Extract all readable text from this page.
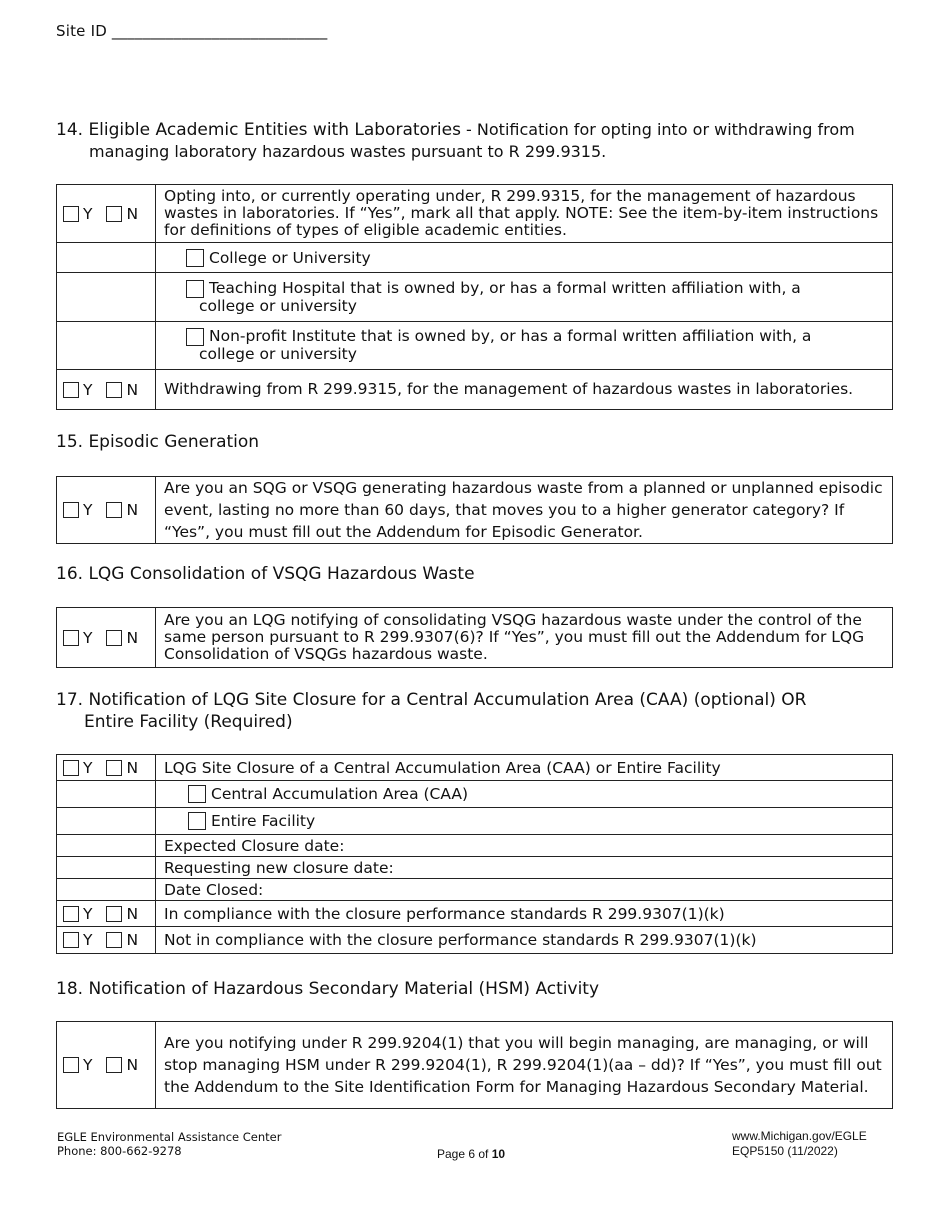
Site ID ____________________________
14. Eligible Academic Entities with Laboratories - Notification for opting into or withdrawing from
managing laboratory hazardous wastes pursuant to R 299.9315.
Y N	Opting into, or currently operating under, R 299.9315, for the management of hazardous wastes in laboratories. If “Yes”, mark all that apply. NOTE: See the item-by-item instructions for definitions of types of eligible academic entities.

	College or University

	Teaching Hospital that is owned by, or has a formal written affiliation with, a
college or university

	Non-profit Institute that is owned by, or has a formal written affiliation with, a
college or university

Y N	Withdrawing from R 299.9315, for the management of hazardous wastes in laboratories.
15. Episodic Generation
Y N
	Are you an SQG or VSQG generating hazardous waste from a planned or unplanned episodic event, lasting no more than 60 days, that moves you to a higher generator category? If “Yes”, you must fill out the Addendum for Episodic Generator.
16. LQG Consolidation of VSQG Hazardous Waste
Y N
	Are you an LQG notifying of consolidating VSQG hazardous waste under the control of the same person pursuant to R 299.9307(6)? If “Yes”, you must fill out the Addendum for LQG Consolidation of VSQGs hazardous waste.
17. Notification of LQG Site Closure for a Central Accumulation Area (CAA) (optional) OR
Entire Facility (Required)
Y N	LQG Site Closure of a Central Accumulation Area (CAA) or Entire Facility

	Central Accumulation Area (CAA)

	Entire Facility

	Expected Closure date:
	Requesting new closure date:
	Date Closed:

Y N	In compliance with the closure performance standards R 299.9307(1)(k)

Y N	Not in compliance with the closure performance standards R 299.9307(1)(k)
18. Notification of Hazardous Secondary Material (HSM) Activity
Y N
	Are you notifying under R 299.9204(1) that you will begin managing, are managing, or will stop managing HSM under R 299.9204(1), R 299.9204(1)(aa – dd)? If “Yes”, you must fill out the Addendum to the Site Identification Form for Managing Hazardous Secondary Material.
EGLE Environmental Assistance Center
Phone: 800-662-9278	Page 6 of 10
www.Michigan.gov/EGLE
EQP5150 (11/2022)
